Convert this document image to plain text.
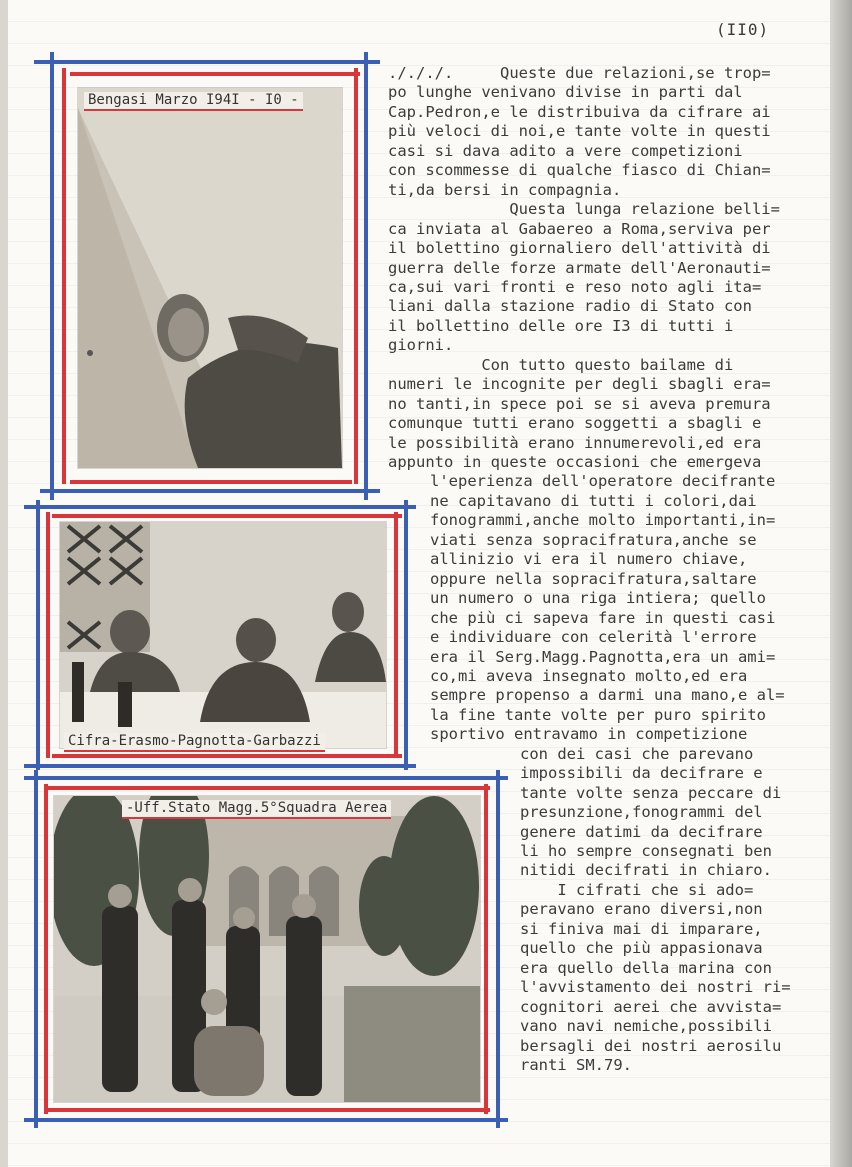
(II0)
Bengasi Marzo I94I - I0 -
Cifra-Erasmo-Pagnotta-Garbazzi
-Uff.Stato Magg.5°Squadra Aerea
./././.     Queste due relazioni,se trop=
po lunghe venivano divise in parti dal
Cap.Pedron,e le distribuiva da cifrare ai
più veloci di noi,e tante volte in questi
casi si dava adito a vere competizioni
con scommesse di qualche fiasco di Chian=
ti,da bersi in compagnia.
Questa lunga relazione belli=
ca inviata al Gabaereo a Roma,serviva per
il bolettino giornaliero dell'attività di
guerra delle forze armate dell'Aeronauti=
ca,sui vari fronti e reso noto agli ita=
liani dalla stazione radio di Stato con
il bollettino delle ore I3 di tutti i
giorni.
Con tutto questo bailame di
numeri le incognite per degli sbagli era=
no tanti,in spece poi se si aveva premura
comunque tutti erano soggetti a sbagli e
le possibilità erano innumerevoli,ed era
appunto in queste occasioni che emergeva
l'eperienza dell'operatore decifrante
ne capitavano di tutti i colori,dai
fonogrammi,anche molto importanti,in=
viati senza sopracifratura,anche se
allinizio vi era il numero chiave,
oppure nella sopracifratura,saltare
un numero o una riga intiera; quello
che più ci sapeva fare in questi casi
e individuare con celerità l'errore
era il Serg.Magg.Pagnotta,era un ami=
co,mi aveva insegnato molto,ed era
sempre propenso a darmi una mano,e al=
la fine tante volte per puro spirito
sportivo entravamo in competizione
con dei casi che parevano
impossibili da decifrare e
tante volte senza peccare di
presunzione,fonogrammi del
genere datimi da decifrare
li ho sempre consegnati ben
nitidi decifrati in chiaro.
I cifrati che si ado=
peravano erano diversi,non
si finiva mai di imparare,
quello che più appasionava
era quello della marina con
l'avvistamento dei nostri ri=
cognitori aerei che avvista=
vano navi nemiche,possibili
bersagli dei nostri aerosilu
ranti SM.79.
